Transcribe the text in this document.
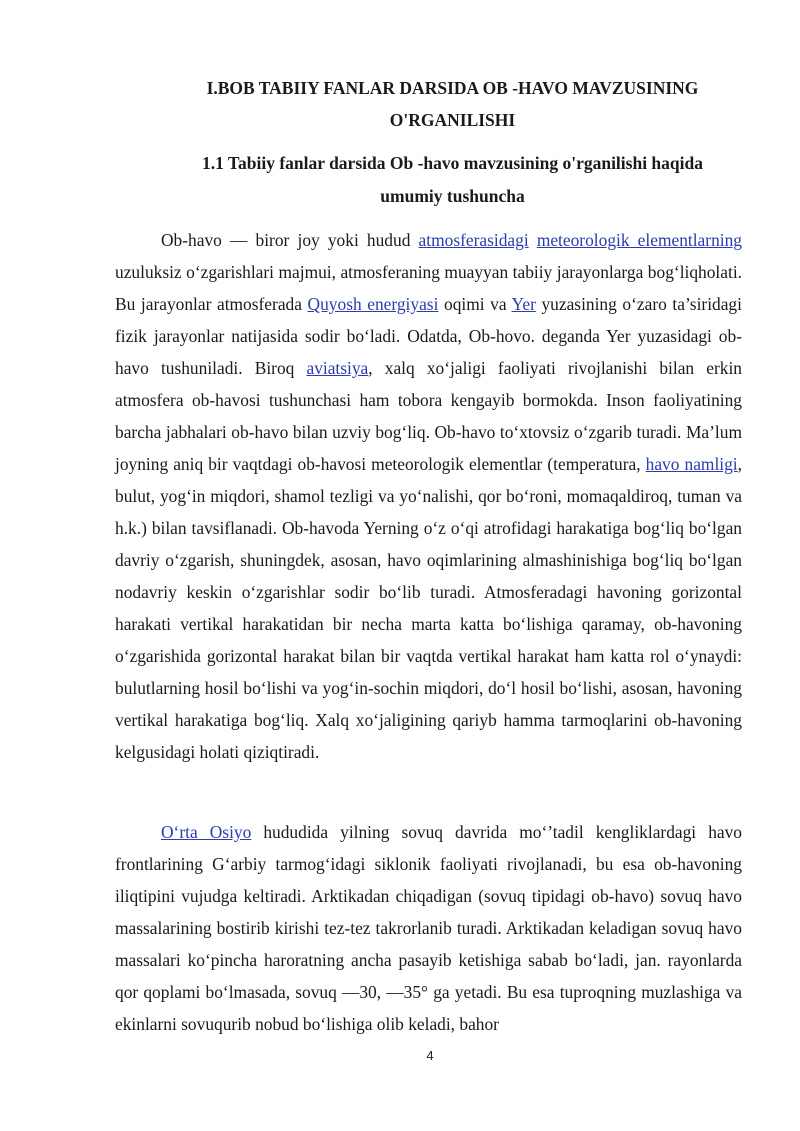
I.BOB TABIIY FANLAR DARSIDA OB -HAVO MAVZUSINING
O'RGANILISHI
1.1 Tabiiy fanlar darsida Ob -havo mavzusining o'rganilishi haqida
umumiy tushuncha

Ob-havo — biror joy yoki hudud atmosferasidagi meteorologik elementlarning uzuluksiz o‘zgarishlari majmui, atmosferaning muayyan tabiiy jarayonlarga bog‘liqholati. Bu jarayonlar atmosferada Quyosh energiyasi oqimi va Yer yuzasining o‘zaro ta’siridagi fizik jarayonlar natijasida sodir bo‘ladi. Odatda, Ob-hovo. deganda Yer yuzasidagi ob-havo tushuniladi. Biroq aviatsiya, xalq xo‘jaligi faoliyati rivojlanishi bilan erkin atmosfera ob-havosi tushunchasi ham tobora kengayib bormokda. Inson faoliyatining barcha jabhalari ob-havo bilan uzviy bog‘liq. Ob-havo to‘xtovsiz o‘zgarib turadi. Ma’lum joyning aniq bir vaqtdagi ob-havosi meteorologik elementlar (temperatura, havo namligi, bulut, yog‘in miqdori, shamol tezligi va yo‘nalishi, qor bo‘roni, momaqaldiroq, tuman va h.k.) bilan tavsiflanadi. Ob-havoda Yerning o‘z o‘qi atrofidagi harakatiga bog‘liq bo‘lgan davriy o‘zgarish, shuningdek, asosan, havo oqimlarining almashinishiga bog‘liq bo‘lgan nodavriy keskin o‘zgarishlar sodir bo‘lib turadi. Atmosferadagi havoning gorizontal harakati vertikal harakatidan bir necha marta katta bo‘lishiga qaramay, ob-havoning o‘zgarishida gorizontal harakat bilan bir vaqtda vertikal harakat ham katta rol o‘ynaydi: bulutlarning hosil bo‘lishi va yog‘in-sochin miqdori, do‘l hosil bo‘lishi, asosan, havoning vertikal harakatiga bog‘liq. Xalq xo‘jaligining qariyb hamma tarmoqlarini ob-havoning kelgusidagi holati qiziqtiradi.

O‘rta Osiyo hududida yilning sovuq davrida mo‘’tadil kengliklardagi havo frontlarining G‘arbiy tarmog‘idagi siklonik faoliyati rivojlanadi, bu esa ob-havoning iliqtipini vujudga keltiradi. Arktikadan chiqadigan (sovuq tipidagi ob-havo) sovuq havo massalarining bostirib kirishi tez-tez takrorlanib turadi. Arktikadan keladigan sovuq havo massalari ko‘pincha haroratning ancha pasayib ketishiga sabab bo‘ladi, jan. rayonlarda qor qoplami bo‘lmasada, sovuq —30, —35° ga yetadi. Bu esa tuproqning muzlashiga va ekinlarni sovuqurib nobud bo‘lishiga olib keladi, bahor

4
